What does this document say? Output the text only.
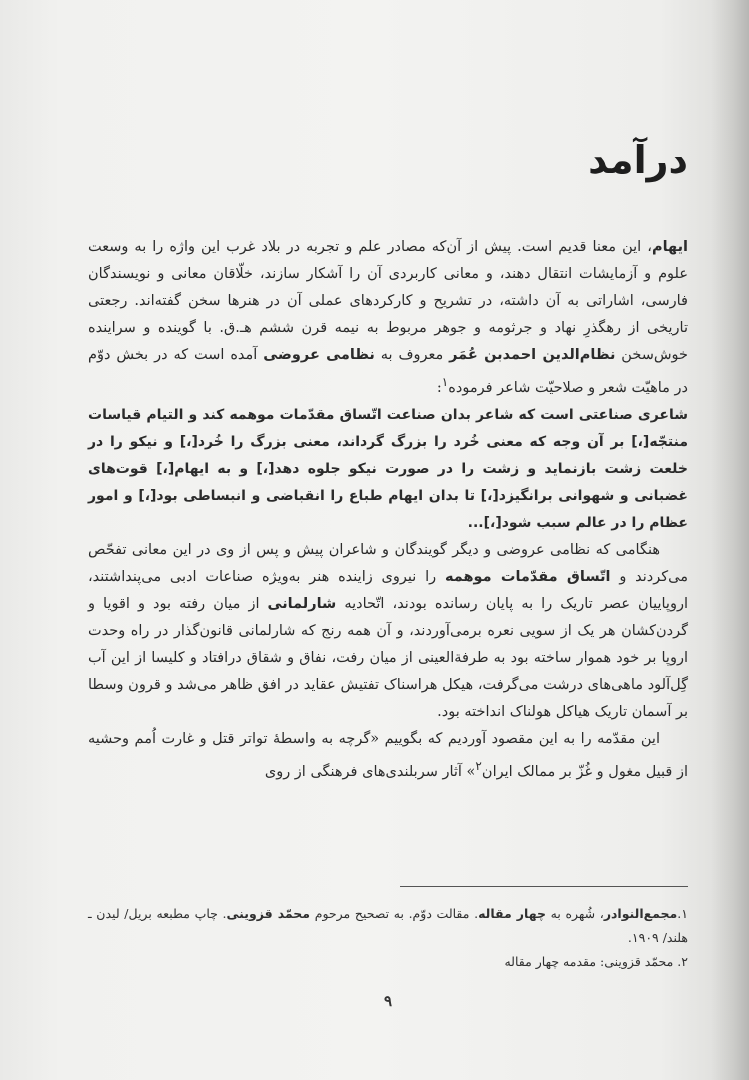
درآمد

ایهام، این معنا قدیم است. پیش از آن‌که مصادر علم و تجربه در بلاد غرب این واژه را به وسعت علوم و آزمایشات انتقال دهند، و معانی کاربردی آن را آشکار سازند، خلّاقان معانی و نویسندگان فارسی، اشاراتی به آن داشته، در تشریح و کارکردهای عملی آن در هنرها سخن گفته‌اند. رجعتی تاریخی از رهگذرِ نهاد و جرثومه و جوهر مربوط به نیمه قرن ششم هـ.ق. با گوینده و سراینده خوش‌سخن نظام‌الدین احمدبن عُمَر معروف به نظامی عروضی آمده است که در بخش دوّم در ماهیّت شعر و صلاحیّت شاعر فرموده$^۱$:

شاعری صناعتی است که شاعر بدان صناعت اتّساق مقدّمات موهمه کند و التیام قیاسات منتجّه[،] بر آن وجه که معنی خُرد را بزرگ گرداند، معنی بزرگ را خُرد[،] و نیکو را در خلعت زشت بازنماید و زشت را در صورت نیکو جلوه دهد[،] و به ایهام[،] قوت‌های غضبانی و شهوانی برانگیزد[،] تا بدان ایهام طباع را انقباضی و انبساطی بود[،] و امور عظام را در عالم سبب شود[،]...

هنگامی که نظامی عروضی و دیگر گویندگان و شاعران پیش و پس از وی در این معانی تفحّص می‌کردند و اتّساق مقدّمات موهمه را نیروی زاینده هنر به‌ویژه صناعات ادبی می‌پنداشتند، اروپاییان عصر تاریک را به پایان رسانده بودند، اتّحادیه شارلمانی از میان رفته بود و اقویا و گردن‌کشان هر یک از سویی نعره برمی‌آوردند، و آن همه رنج که شارلمانی قانون‌گذار در راه وحدت اروپا بر خود هموار ساخته بود به طرفة‌العینی از میان رفت، نفاق و شقاق درافتاد و کلیسا از این آب گِل‌آلود ماهی‌های درشت می‌گرفت، هیکل هراسناک تفتیش عقاید در افق ظاهر می‌شد و قرون وسطا بر آسمان تاریک هیاکل هولناک انداخته بود.

این مقدّمه را به این مقصود آوردیم که بگوییم «گرچه به واسطهٔ تواتر قتل و غارت اُمم وحشیه از قبیل مغول و غُزّ بر ممالک ایران$^۲$» آثار سربلندی‌های فرهنگی از روی

۱.مجمع‌النوادر، شُهره به چهار مقاله. مقالت دوّم. به تصحیح مرحوم محمّد قزوینی. چاپ مطبعه بریل/ لیدن ـ هلند/ ۱۹۰۹.

۲. محمّد قزوینی: مقدمه چهار مقاله

۹
